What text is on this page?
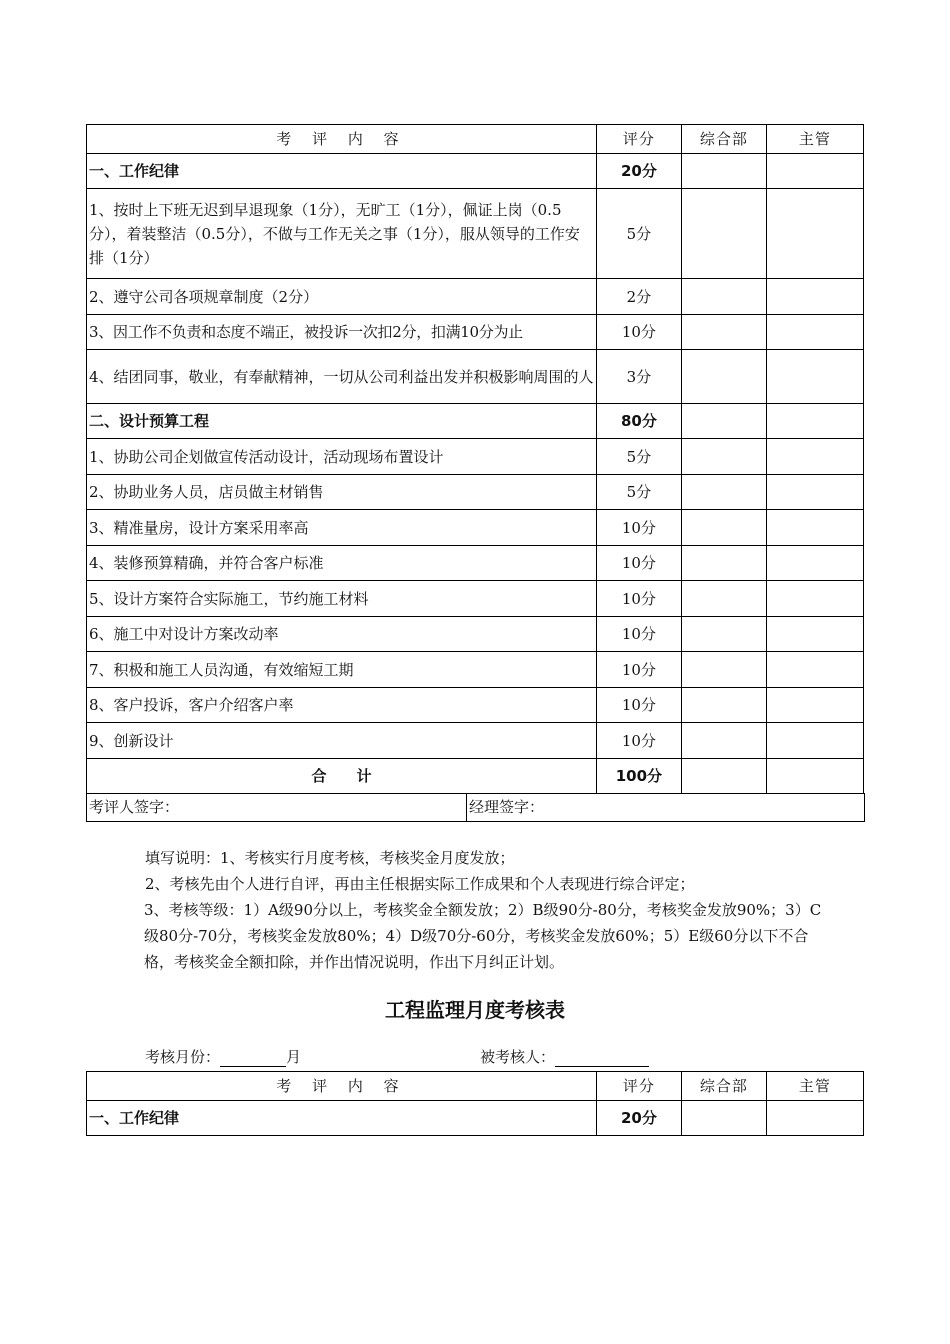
考 评 内 容	评分	综合部	主管
一、工作纪律	20分		
1、按时上下班无迟到早退现象（1分），无旷工（1分），佩证上岗（0.5分），着装整洁（0.5分），不做与工作无关之事（1分），服从领导的工作安排（1分）	5分		
2、遵守公司各项规章制度（2分）	2分		
3、因工作不负责和态度不端正，被投诉一次扣2分，扣满10分为止	10分		
4、结团同事，敬业，有奉献精神，一切从公司利益出发并积极影响周围的人	3分		
二、设计预算工程	80分		
1、协助公司企划做宣传活动设计，活动现场布置设计	5分		
2、协助业务人员，店员做主材销售	5分		
3、精准量房，设计方案采用率高	10分		
4、装修预算精确，并符合客户标准	10分		
5、设计方案符合实际施工，节约施工材料	10分		
6、施工中对设计方案改动率	10分		
7、积极和施工人员沟通，有效缩短工期	10分		
8、客户投诉，客户介绍客户率	10分		
9、创新设计	10分		
合　　计	100分		
考评人签字：	经理签字：

填写说明：1、考核实行月度考核，考核奖金月度发放；

2、考核先由个人进行自评，再由主任根据实际工作成果和个人表现进行综合评定；

3、考核等级：1）A级90分以上，考核奖金全额发放；2）B级90分-80分，考核奖金发放90%；3）C级80分-70分，考核奖金发放80%；4）D级70分-60分，考核奖金发放60%；5）E级60分以下不合格，考核奖金全额扣除，并作出情况说明，作出下月纠正计划。

工程监理月度考核表
考核月份：	月	被考核人：
考 评 内 容	评分	综合部	主管
一、工作纪律	20分		
